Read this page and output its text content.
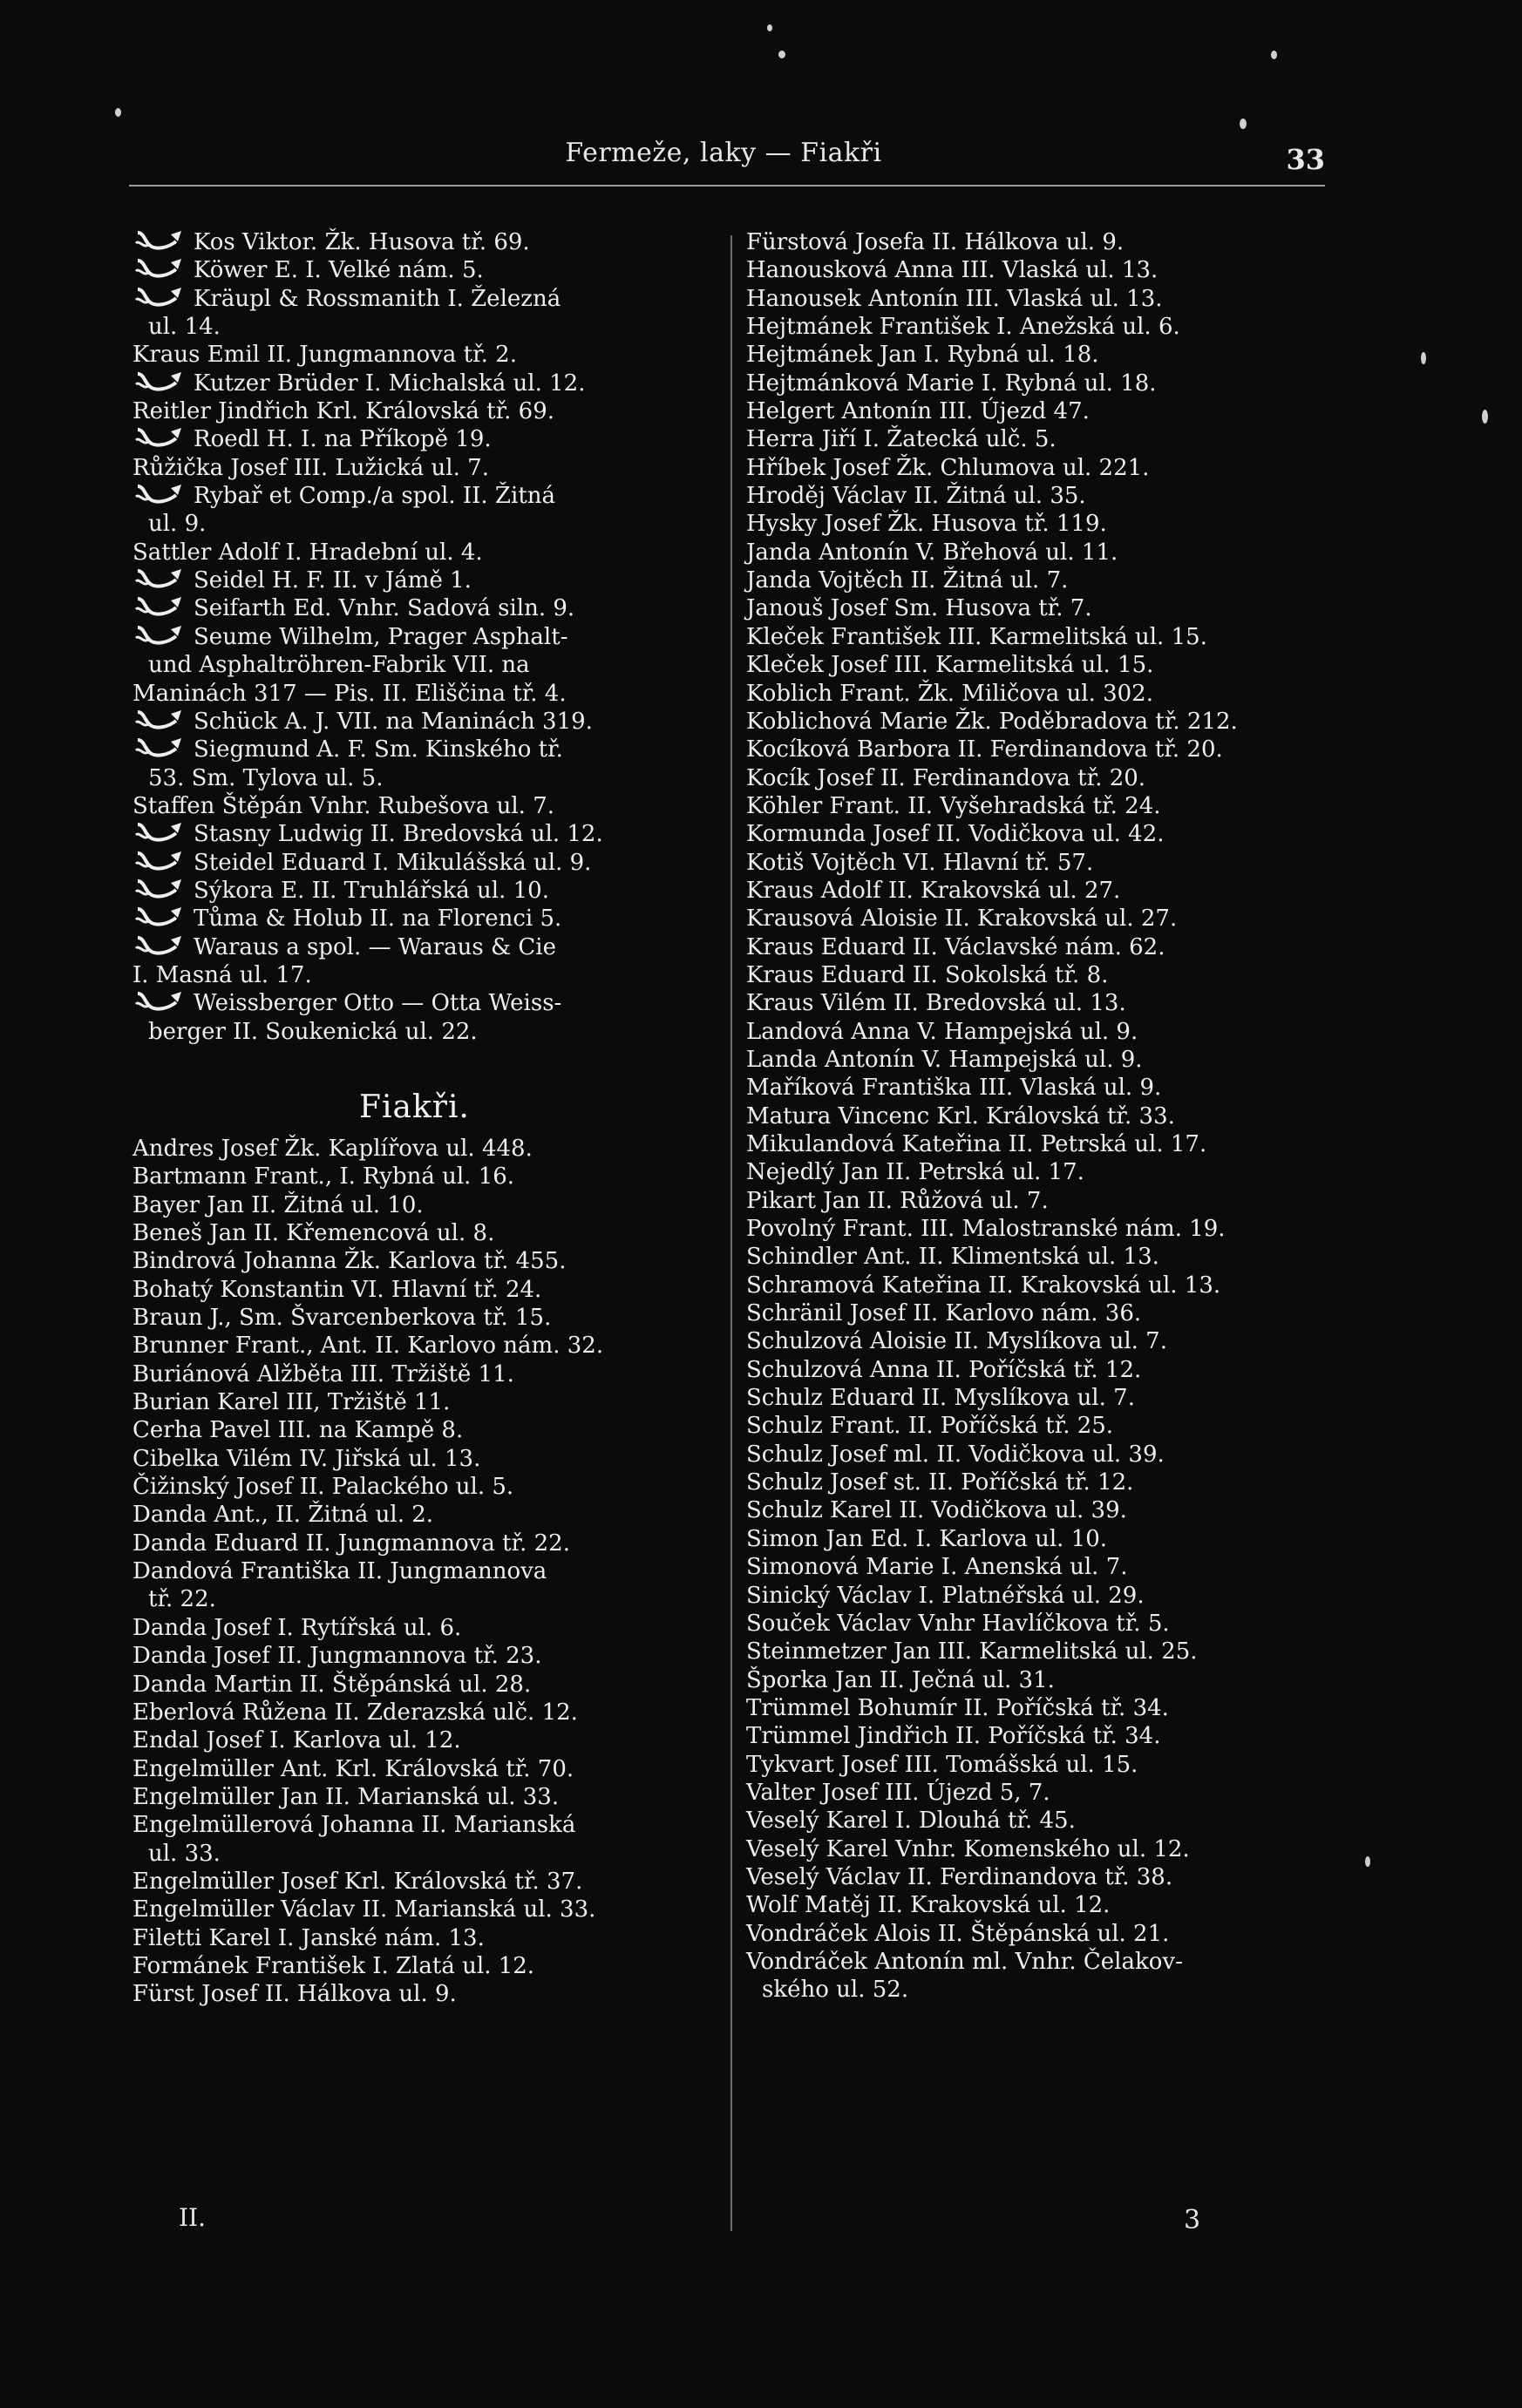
Fermeže, laky — Fiakři	33
Kos Viktor. Žk. Husova tř. 69.
Köwer E. I. Velké nám. 5.
Kräupl & Rossmanith I. Železná
ul. 14.
Kraus Emil II. Jungmannova tř. 2.
Kutzer Brüder I. Michalská ul. 12.
Reitler Jindřich Krl. Královská tř. 69.
Roedl H. I. na Příkopě 19.
Růžička Josef III. Lužická ul. 7.
Rybař et Comp./a spol. II. Žitná
ul. 9.
Sattler Adolf I. Hradební ul. 4.
Seidel H. F. II. v Jámě 1.
Seifarth Ed. Vnhr. Sadová siln. 9.
Seume Wilhelm, Prager Asphalt-
und Asphaltröhren-Fabrik VII. na
Maninách 317 — Pis. II. Eliščina tř. 4.
Schück A. J. VII. na Maninách 319.
Siegmund A. F. Sm. Kinského tř.
53. Sm. Tylova ul. 5.
Staffen Štěpán Vnhr. Rubešova ul. 7.
Stasny Ludwig II. Bredovská ul. 12.
Steidel Eduard I. Mikulášská ul. 9.
Sýkora E. II. Truhlářská ul. 10.
Tůma & Holub II. na Florenci 5.
Waraus a spol. — Waraus & Cie
I. Masná ul. 17.
Weissberger Otto — Otta Weiss-
berger II. Soukenická ul. 22.
Fiakři.
Andres Josef Žk. Kaplířova ul. 448.
Bartmann Frant., I. Rybná ul. 16.
Bayer Jan II. Žitná ul. 10.
Beneš Jan II. Křemencová ul. 8.
Bindrová Johanna Žk. Karlova tř. 455.
Bohatý Konstantin VI. Hlavní tř. 24.
Braun J., Sm. Švarcenberkova tř. 15.
Brunner Frant., Ant. II. Karlovo nám. 32.
Buriánová Alžběta III. Tržiště 11.
Burian Karel III, Tržiště 11.
Cerha Pavel III. na Kampě 8.
Cibelka Vilém IV. Jiřská ul. 13.
Čižinský Josef II. Palackého ul. 5.
Danda Ant., II. Žitná ul. 2.
Danda Eduard II. Jungmannova tř. 22.
Dandová Františka II. Jungmannova
tř. 22.
Danda Josef I. Rytířská ul. 6.
Danda Josef II. Jungmannova tř. 23.
Danda Martin II. Štěpánská ul. 28.
Eberlová Růžena II. Zderazská ulč. 12.
Endal Josef I. Karlova ul. 12.
Engelmüller Ant. Krl. Královská tř. 70.
Engelmüller Jan II. Marianská ul. 33.
Engelmüllerová Johanna II. Marianská
ul. 33.
Engelmüller Josef Krl. Královská tř. 37.
Engelmüller Václav II. Marianská ul. 33.
Filetti Karel I. Janské nám. 13.
Formánek František I. Zlatá ul. 12.
Fürst Josef II. Hálkova ul. 9.
Fürstová Josefa II. Hálkova ul. 9.
Hanousková Anna III. Vlaská ul. 13.
Hanousek Antonín III. Vlaská ul. 13.
Hejtmánek František I. Anežská ul. 6.
Hejtmánek Jan I. Rybná ul. 18.
Hejtmánková Marie I. Rybná ul. 18.
Helgert Antonín III. Újezd 47.
Herra Jiří I. Žatecká ulč. 5.
Hříbek Josef Žk. Chlumova ul. 221.
Hroděj Václav II. Žitná ul. 35.
Hysky Josef Žk. Husova tř. 119.
Janda Antonín V. Břehová ul. 11.
Janda Vojtěch II. Žitná ul. 7.
Janouš Josef Sm. Husova tř. 7.
Kleček František III. Karmelitská ul. 15.
Kleček Josef III. Karmelitská ul. 15.
Koblich Frant. Žk. Miličova ul. 302.
Koblichová Marie Žk. Poděbradova tř. 212.
Kocíková Barbora II. Ferdinandova tř. 20.
Kocík Josef II. Ferdinandova tř. 20.
Köhler Frant. II. Vyšehradská tř. 24.
Kormunda Josef II. Vodičkova ul. 42.
Kotiš Vojtěch VI. Hlavní tř. 57.
Kraus Adolf II. Krakovská ul. 27.
Krausová Aloisie II. Krakovská ul. 27.
Kraus Eduard II. Václavské nám. 62.
Kraus Eduard II. Sokolská tř. 8.
Kraus Vilém II. Bredovská ul. 13.
Landová Anna V. Hampejská ul. 9.
Landa Antonín V. Hampejská ul. 9.
Maříková Františka III. Vlaská ul. 9.
Matura Vincenc Krl. Královská tř. 33.
Mikulandová Kateřina II. Petrská ul. 17.
Nejedlý Jan II. Petrská ul. 17.
Pikart Jan II. Růžová ul. 7.
Povolný Frant. III. Malostranské nám. 19.
Schindler Ant. II. Klimentská ul. 13.
Schramová Kateřina II. Krakovská ul. 13.
Schränil Josef II. Karlovo nám. 36.
Schulzová Aloisie II. Myslíkova ul. 7.
Schulzová Anna II. Poříčská tř. 12.
Schulz Eduard II. Myslíkova ul. 7.
Schulz Frant. II. Poříčská tř. 25.
Schulz Josef ml. II. Vodičkova ul. 39.
Schulz Josef st. II. Poříčská tř. 12.
Schulz Karel II. Vodičkova ul. 39.
Simon Jan Ed. I. Karlova ul. 10.
Simonová Marie I. Anenská ul. 7.
Sinický Václav I. Platnéřská ul. 29.
Souček Václav Vnhr Havlíčkova tř. 5.
Steinmetzer Jan III. Karmelitská ul. 25.
Šporka Jan II. Ječná ul. 31.
Trümmel Bohumír II. Poříčská tř. 34.
Trümmel Jindřich II. Poříčská tř. 34.
Tykvart Josef III. Tomášská ul. 15.
Valter Josef III. Újezd 5, 7.
Veselý Karel I. Dlouhá tř. 45.
Veselý Karel Vnhr. Komenského ul. 12.
Veselý Václav II. Ferdinandova tř. 38.
Wolf Matěj II. Krakovská ul. 12.
Vondráček Alois II. Štěpánská ul. 21.
Vondráček Antonín ml. Vnhr. Čelakov-
ského ul. 52.
II.	3
